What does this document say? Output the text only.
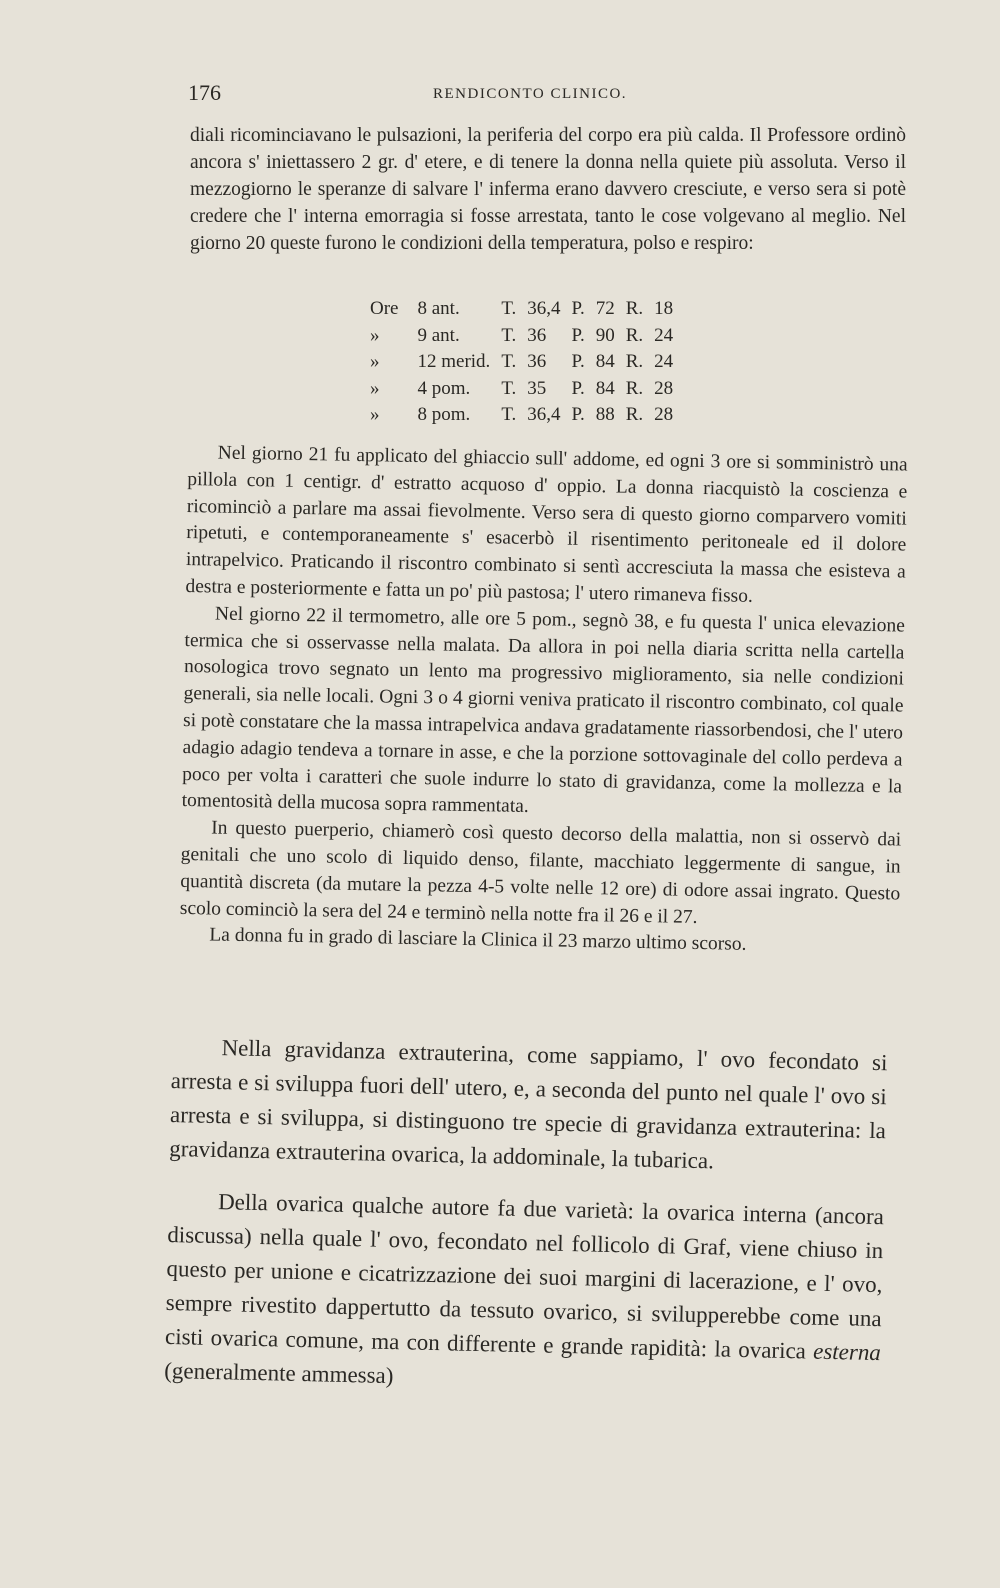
176	RENDICONTO CLINICO.

diali ricominciavano le pulsazioni, la periferia del corpo era più calda. Il Professore ordinò ancora s' iniettassero 2 gr. d' etere, e di tenere la donna nella quiete più assoluta. Verso il mezzogiorno le speranze di salvare l' inferma erano davvero cresciute, e verso sera si potè credere che l' interna emorragia si fosse arrestata, tanto le cose volgevano al meglio. Nel giorno 20 queste furono le condizioni della temperatura, polso e respiro:

Ore	8 ant.	T.	36,4	P.	72	R.	18
»	9 ant.	T.	36	P.	90	R.	24
»	12 merid.	T.	36	P.	84	R.	24
»	4 pom.	T.	35	P.	84	R.	28
»	8 pom.	T.	36,4	P.	88	R.	28

Nel giorno 21 fu applicato del ghiaccio sull' addome, ed ogni 3 ore si somministrò una pillola con 1 centigr. d' estratto acquoso d' oppio. La donna riacquistò la coscienza e ricominciò a parlare ma assai fievolmente. Verso sera di questo giorno comparvero vomiti ripetuti, e contemporaneamente s' esacerbò il risentimento peritoneale ed il dolore intrapelvico. Praticando il riscontro combinato si sentì accresciuta la massa che esisteva a destra e posteriormente e fatta un po' più pastosa; l' utero rimaneva fisso.

Nel giorno 22 il termometro, alle ore 5 pom., segnò 38, e fu questa l' unica elevazione termica che si osservasse nella malata. Da allora in poi nella diaria scritta nella cartella nosologica trovo segnato un lento ma progressivo miglioramento, sia nelle condizioni generali, sia nelle locali. Ogni 3 o 4 giorni veniva praticato il riscontro combinato, col quale si potè constatare che la massa intrapelvica andava gradatamente riassorbendosi, che l' utero adagio adagio tendeva a tornare in asse, e che la porzione sottovaginale del collo perdeva a poco per volta i caratteri che suole indurre lo stato di gravidanza, come la mollezza e la tomentosità della mucosa sopra rammentata.

In questo puerperio, chiamerò così questo decorso della malattia, non si osservò dai genitali che uno scolo di liquido denso, filante, macchiato leggermente di sangue, in quantità discreta (da mutare la pezza 4-5 volte nelle 12 ore) di odore assai ingrato. Questo scolo cominciò la sera del 24 e terminò nella notte fra il 26 e il 27.

La donna fu in grado di lasciare la Clinica il 23 marzo ultimo scorso.

Nella gravidanza extrauterina, come sappiamo, l' ovo fecondato si arresta e si sviluppa fuori dell' utero, e, a seconda del punto nel quale l' ovo si arresta e si sviluppa, si distinguono tre specie di gravidanza extrauterina: la gravidanza extrauterina ovarica, la addominale, la tubarica.

Della ovarica qualche autore fa due varietà: la ovarica interna (ancora discussa) nella quale l' ovo, fecondato nel follicolo di Graf, viene chiuso in questo per unione e cicatrizzazione dei suoi margini di lacerazione, e l' ovo, sempre rivestito dappertutto da tessuto ovarico, si svilupperebbe come una cisti ovarica comune, ma con differente e grande rapidità: la ovarica esterna (generalmente ammessa)
